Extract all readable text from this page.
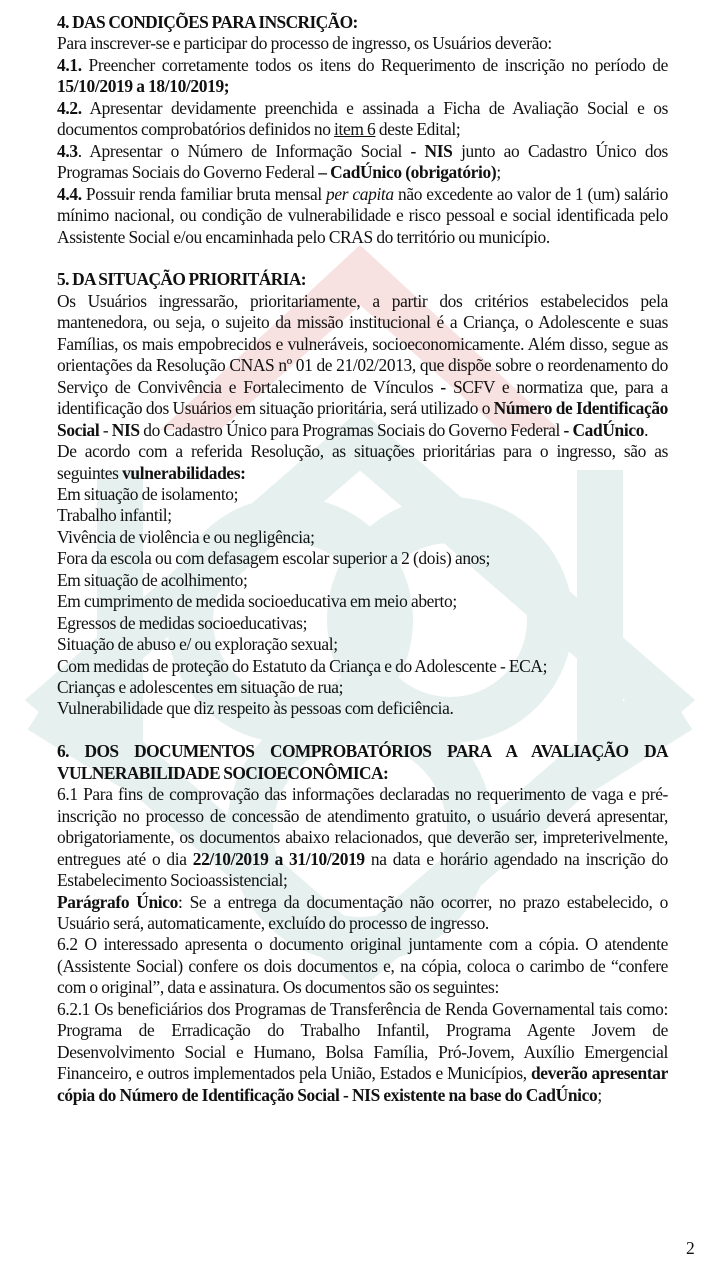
4. DAS CONDIÇÕES PARA INSCRIÇÃO:

Para inscrever-se e participar do processo de ingresso, os Usuários deverão:

4.1. Preencher corretamente todos os itens do Requerimento de inscrição no período de 15/10/2019 a 18/10/2019;

4.2. Apresentar devidamente preenchida e assinada a Ficha de Avaliação Social e os documentos comprobatórios definidos no item 6 deste Edital;

4.3. Apresentar o Número de Informação Social - NIS junto ao Cadastro Único dos Programas Sociais do Governo Federal – CadÚnico (obrigatório);

4.4. Possuir renda familiar bruta mensal per capita não excedente ao valor de 1 (um) salário mínimo nacional, ou condição de vulnerabilidade e risco pessoal e social identificada pelo Assistente Social e/ou encaminhada pelo CRAS do território ou município.

5. DA SITUAÇÃO PRIORITÁRIA:

Os Usuários ingressarão, prioritariamente, a partir dos critérios estabelecidos pela mantenedora, ou seja, o sujeito da missão institucional é a Criança, o Adolescente e suas Famílias, os mais empobrecidos e vulneráveis, socioeconomicamente. Além disso, segue as orientações da Resolução CNAS nº 01 de 21/02/2013, que dispõe sobre o reordenamento do Serviço de Convivência e Fortalecimento de Vínculos - SCFV e normatiza que, para a identificação dos Usuários em situação prioritária, será utilizado o Número de Identificação Social - NIS do Cadastro Único para Programas Sociais do Governo Federal - CadÚnico.

De acordo com a referida Resolução, as situações prioritárias para o ingresso, são as seguintes vulnerabilidades:

Em situação de isolamento;
Trabalho infantil;
Vivência de violência e ou negligência;
Fora da escola ou com defasagem escolar superior a 2 (dois) anos;
Em situação de acolhimento;
Em cumprimento de medida socioeducativa em meio aberto;
Egressos de medidas socioeducativas;
Situação de abuso e/ ou exploração sexual;
Com medidas de proteção do Estatuto da Criança e do Adolescente - ECA;
Crianças e adolescentes em situação de rua;
Vulnerabilidade que diz respeito às pessoas com deficiência.

6. DOS DOCUMENTOS COMPROBATÓRIOS PARA A AVALIAÇÃO DA VULNERABILIDADE SOCIOECONÔMICA:

6.1 Para fins de comprovação das informações declaradas no requerimento de vaga e pré-inscrição no processo de concessão de atendimento gratuito, o usuário deverá apresentar, obrigatoriamente, os documentos abaixo relacionados, que deverão ser, impreterivelmente, entregues até o dia 22/10/2019 a 31/10/2019 na data e horário agendado na inscrição do Estabelecimento Socioassistencial;

Parágrafo Único: Se a entrega da documentação não ocorrer, no prazo estabelecido, o Usuário será, automaticamente, excluído do processo de ingresso.

6.2 O interessado apresenta o documento original juntamente com a cópia. O atendente (Assistente Social) confere os dois documentos e, na cópia, coloca o carimbo de “confere com o original”, data e assinatura. Os documentos são os seguintes:

6.2.1 Os beneficiários dos Programas de Transferência de Renda Governamental tais como: Programa de Erradicação do Trabalho Infantil, Programa Agente Jovem de Desenvolvimento Social e Humano, Bolsa Família, Pró-Jovem, Auxílio Emergencial Financeiro, e outros implementados pela União, Estados e Municípios, deverão apresentar cópia do Número de Identificação Social - NIS existente na base do CadÚnico;

2
